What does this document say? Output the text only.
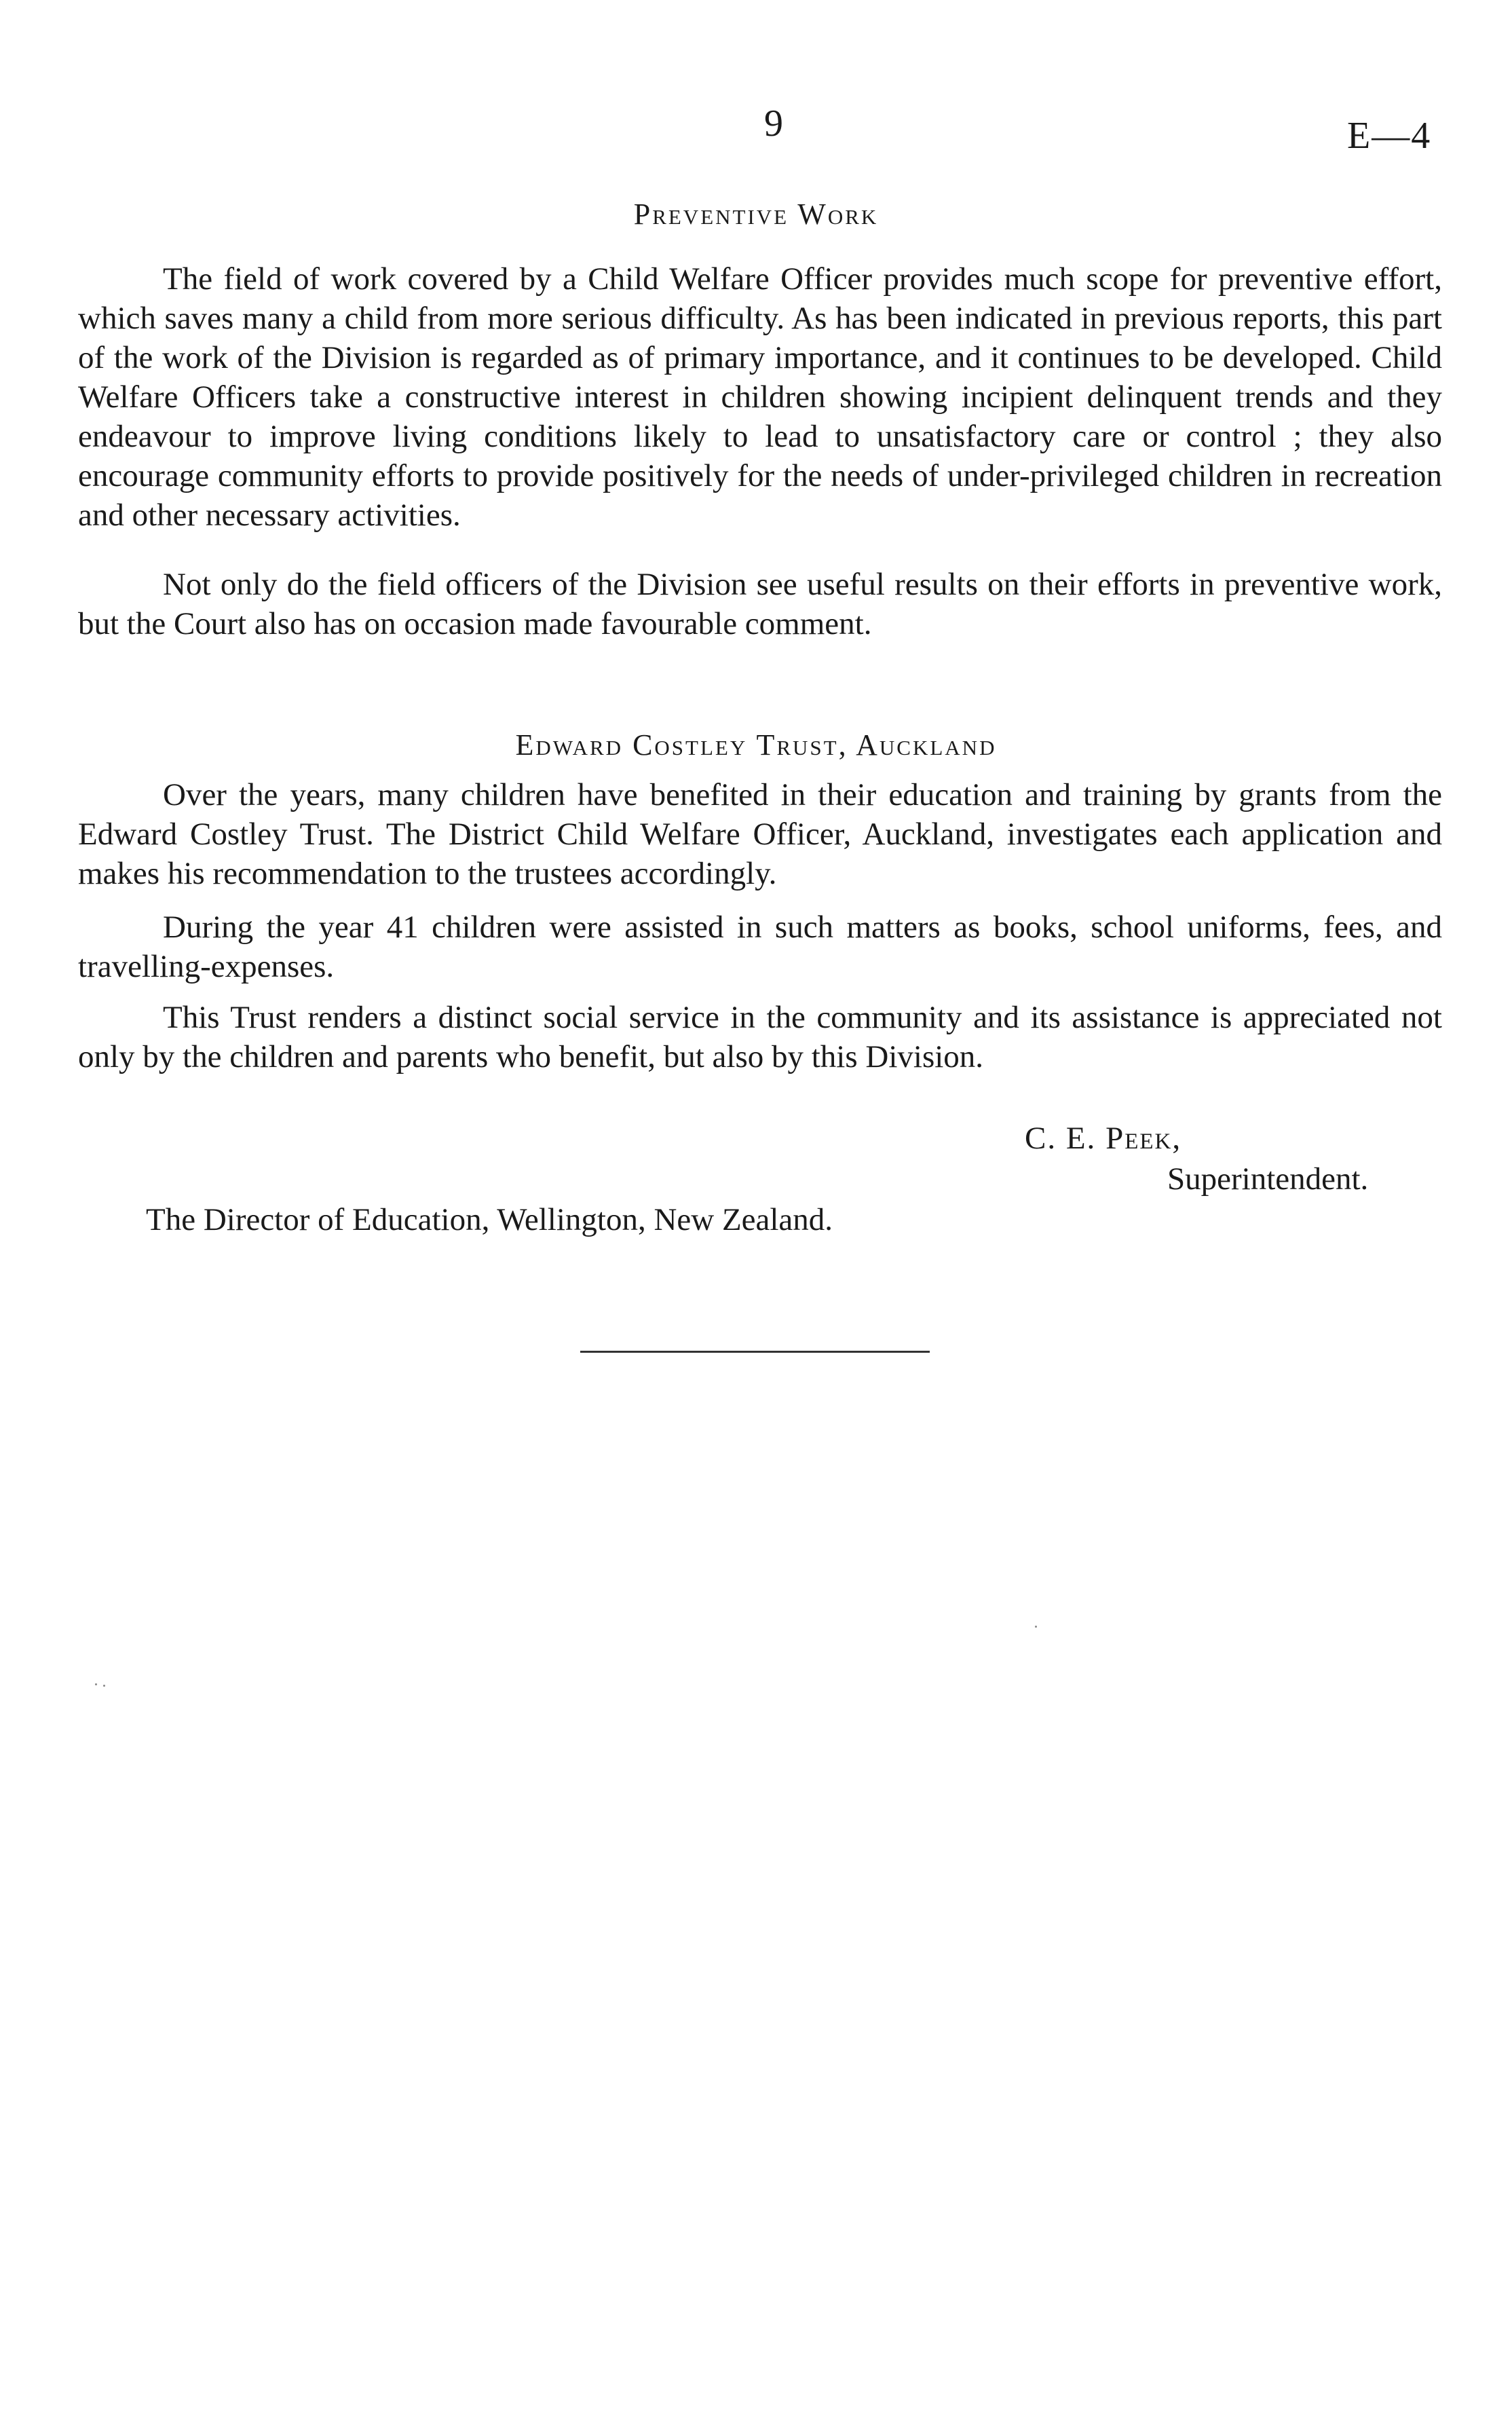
9	E—4
Preventive Work

The field of work covered by a Child Welfare Officer provides much scope for preventive effort, which saves many a child from more serious difficulty. As has been indicated in previous reports, this part of the work of the Division is regarded as of primary importance, and it continues to be developed. Child Welfare Officers take a constructive interest in children showing incipient delinquent trends and they endeavour to improve living conditions likely to lead to unsatisfactory care or control ; they also encourage community efforts to provide positively for the needs of under-privileged children in recreation and other necessary activities.

Not only do the field officers of the Division see useful results on their efforts in preventive work, but the Court also has on occasion made favourable comment.

Edward Costley Trust, Auckland

Over the years, many children have benefited in their education and training by grants from the Edward Costley Trust. The District Child Welfare Officer, Auckland, investigates each application and makes his recommendation to the trustees accordingly.

During the year 41 children were assisted in such matters as books, school uniforms, fees, and travelling-expenses.

This Trust renders a distinct social service in the community and its assistance is appreciated not only by the children and parents who benefit, but also by this Division.

C. E. Peek,
Superintendent.
The Director of Education, Wellington, New Zealand.
